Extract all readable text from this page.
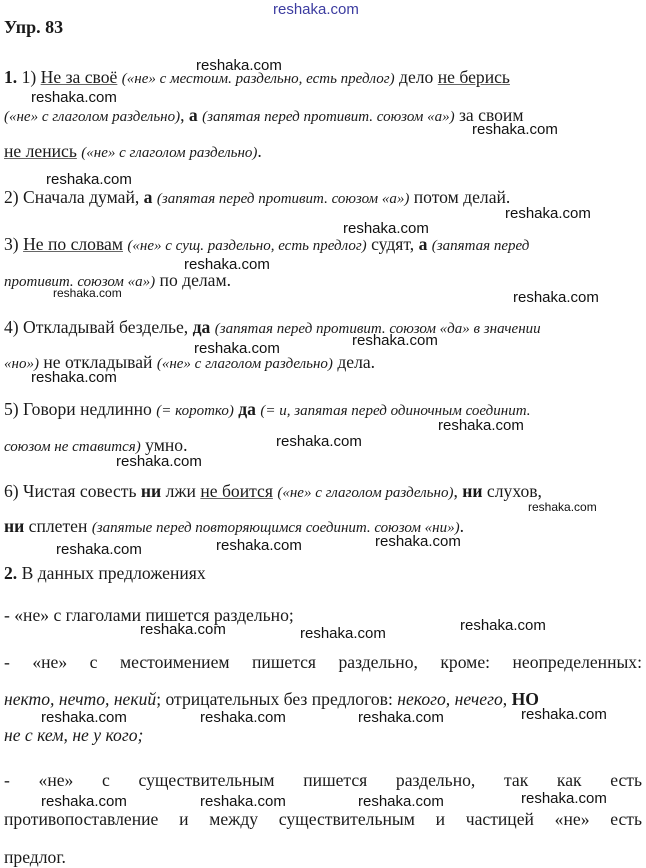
reshaka.com
Упр. 83
reshaka.com
reshaka.com
reshaka.com
reshaka.com
reshaka.com
reshaka.com
reshaka.com
reshaka.com	reshaka.com
reshaka.com
reshaka.com
reshaka.com
reshaka.com
reshaka.com
reshaka.com
reshaka.com
reshaka.com
reshaka.com
reshaka.com
reshaka.com
reshaka.com	reshaka.com
reshaka.com
reshaka.com	reshaka.com	reshaka.com
reshaka.com
reshaka.com	reshaka.com	reshaka.com
1. 1) Не за своё («не» с местоим. раздельно, есть предлог) дело не берись
(«не» с глаголом раздельно), а (запятая перед противит. союзом «а») за своим
не ленись («не» с глаголом раздельно).
2) Сначала думай, а (запятая перед противит. союзом «а») потом делай.
3) Не по словам («не» с сущ. раздельно, есть предлог) судят, а (запятая перед
противит. союзом «а») по делам.
4) Откладывай безделье, да (запятая перед противит. союзом «да» в значении
«но») не откладывай («не» с глаголом раздельно) дела.
5) Говори недлинно (= коротко) да (= и, запятая перед одиночным соединит.
союзом не ставится) умно.
6) Чистая совесть ни лжи не боится («не» с глаголом раздельно), ни слухов,
ни сплетен (запятые перед повторяющимся соединит. союзом «ни»).
2. В данных предложениях
- «не» с глаголами пишется раздельно;
- «не» с местоимением пишется раздельно, кроме: неопределенных:
некто, нечто, некий; отрицательных без предлогов: некого, нечего, НО
не с кем, не у кого;
- «не» с существительным пишется раздельно, так как есть
противопоставление и между существительным и частицей «не» есть
предлог.
